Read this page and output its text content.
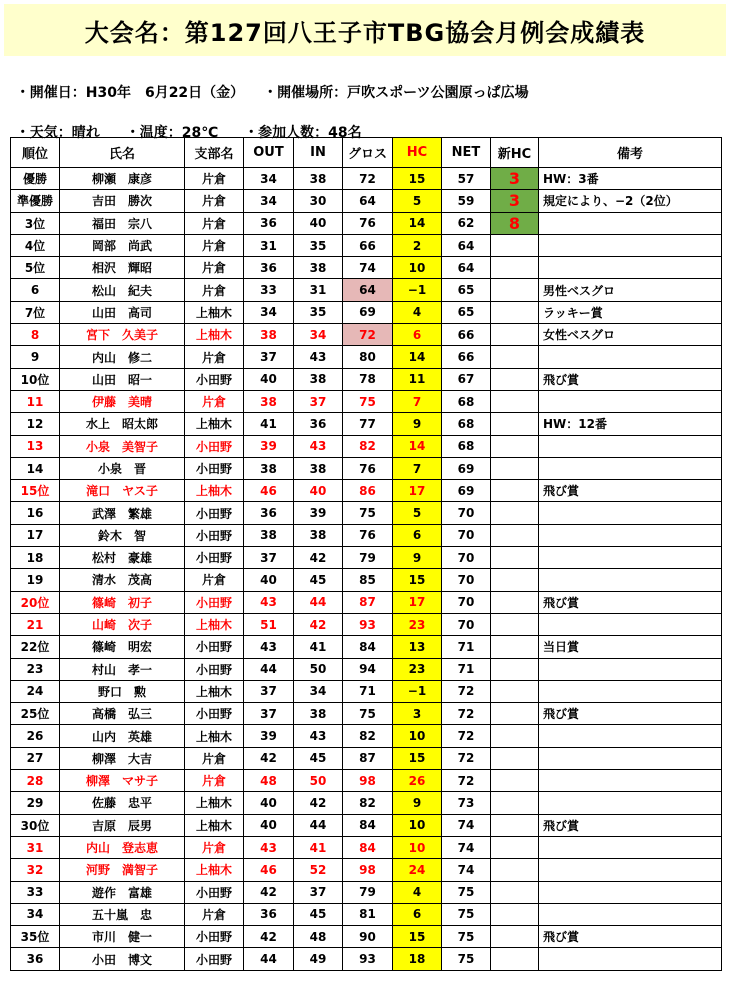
大会名：第127回八王子市TBG協会月例会成績表

・開催日：H30年　6月22日（金） ・開催場所：戸吹スポーツ公園原っぱ広場

・天気：晴れ ・温度：28℃ ・参加人数：48名

順位	氏名	支部名	OUT	IN	グロス	HC	NET	新HC	備考
優勝	柳瀬　康彦	片倉	34	38	72	15	57	3	HW：3番
準優勝	吉田　勝次	片倉	34	30	64	5	59	3	規定により、−2（2位）
3位	福田　宗八	片倉	36	40	76	14	62	8	
4位	岡部　尚武	片倉	31	35	66	2	64		
5位	相沢　輝昭	片倉	36	38	74	10	64		
6	松山　紀夫	片倉	33	31	64	−1	65		男性ベスグロ
7位	山田　高司	上柚木	34	35	69	4	65		ラッキー賞
8	宮下　久美子	上柚木	38	34	72	6	66		女性ベスグロ
9	内山　修二	片倉	37	43	80	14	66		
10位	山田　昭一	小田野	40	38	78	11	67		飛び賞
11	伊藤　美晴	片倉	38	37	75	7	68		
12	水上　昭太郎	上柚木	41	36	77	9	68		HW：12番
13	小泉　美智子	小田野	39	43	82	14	68		
14	小泉　晋	小田野	38	38	76	7	69		
15位	滝口　ヤス子	上柚木	46	40	86	17	69		飛び賞
16	武澤　繁雄	小田野	36	39	75	5	70		
17	鈴木　智	小田野	38	38	76	6	70		
18	松村　豪雄	小田野	37	42	79	9	70		
19	清水　茂高	片倉	40	45	85	15	70		
20位	篠崎　初子	小田野	43	44	87	17	70		飛び賞
21	山崎　次子	上柚木	51	42	93	23	70		
22位	篠崎　明宏	小田野	43	41	84	13	71		当日賞
23	村山　孝一	小田野	44	50	94	23	71		
24	野口　勲	上柚木	37	34	71	−1	72		
25位	高橋　弘三	小田野	37	38	75	3	72		飛び賞
26	山内　英雄	上柚木	39	43	82	10	72		
27	柳澤　大吉	片倉	42	45	87	15	72		
28	柳澤　マサ子	片倉	48	50	98	26	72		
29	佐藤　忠平	上柚木	40	42	82	9	73		
30位	吉原　辰男	上柚木	40	44	84	10	74		飛び賞
31	内山　登志恵	片倉	43	41	84	10	74		
32	河野　満智子	上柚木	46	52	98	24	74		
33	遊作　富雄	小田野	42	37	79	4	75		
34	五十嵐　忠	片倉	36	45	81	6	75		
35位	市川　健一	小田野	42	48	90	15	75		飛び賞
36	小田　博文	小田野	44	49	93	18	75		
